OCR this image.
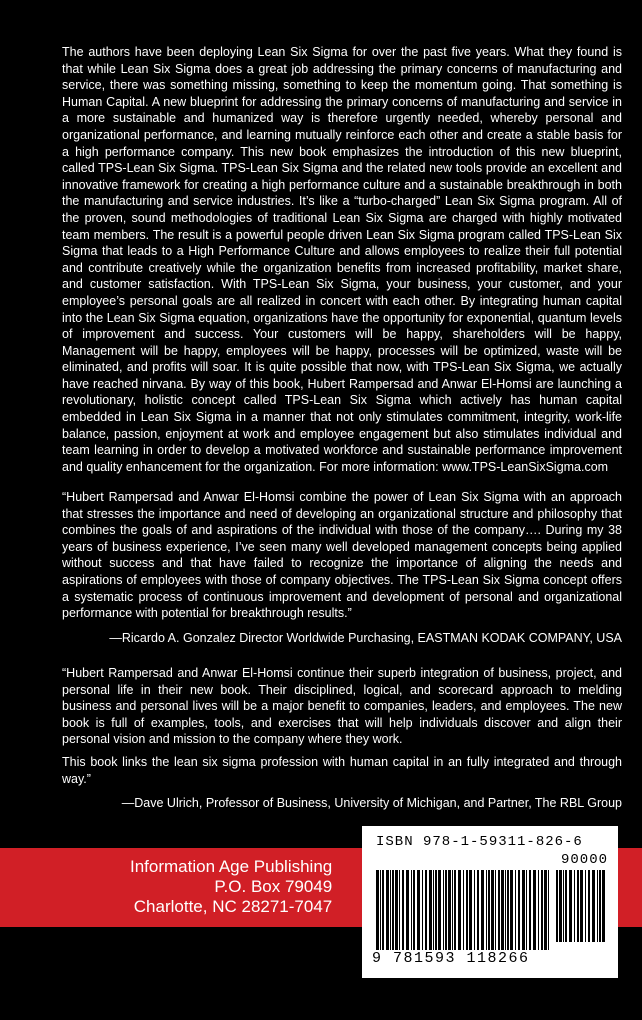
The authors have been deploying Lean Six Sigma for over the past five years. What they found is that while Lean Six Sigma does a great job addressing the primary concerns of manufacturing and service, there was something missing, something to keep the momentum going. That something is Human Capital. A new blueprint for addressing the primary concerns of manufacturing and service in a more sustainable and humanized way is therefore urgently needed, whereby personal and organizational performance, and learning mutually reinforce each other and create a stable basis for a high performance company. This new book emphasizes the introduction of this new blueprint, called TPS-Lean Six Sigma. TPS-Lean Six Sigma and the related new tools provide an excellent and innovative framework for creating a high performance culture and a sustainable breakthrough in both the manufacturing and service industries. It’s like a “turbo-charged” Lean Six Sigma program. All of the proven, sound methodologies of traditional Lean Six Sigma are charged with highly motivated team members. The result is a powerful people driven Lean Six Sigma program called TPS-Lean Six Sigma that leads to a High Performance Culture and allows employees to realize their full potential and contribute creatively while the organization benefits from increased profitability, market share, and customer satisfaction. With TPS-Lean Six Sigma, your business, your customer, and your employee’s personal goals are all realized in concert with each other. By integrating human capital into the Lean Six Sigma equation, organizations have the opportunity for exponential, quantum levels of improvement and success. Your customers will be happy, shareholders will be happy, Management will be happy, employees will be happy, processes will be optimized, waste will be eliminated, and profits will soar. It is quite possible that now, with TPS-Lean Six Sigma, we actually have reached nirvana. By way of this book, Hubert Rampersad and Anwar El-Homsi are launching a revolutionary, holistic concept called TPS-Lean Six Sigma which actively has human capital embedded in Lean Six Sigma in a manner that not only stimulates commitment, integrity, work-life balance, passion, enjoyment at work and employee engagement but also stimulates individual and team learning in order to develop a motivated workforce and sustainable performance improvement and quality enhancement for the organization. For more information: www.TPS-LeanSixSigma.com

“Hubert Rampersad and Anwar El-Homsi combine the power of Lean Six Sigma with an approach that stresses the importance and need of developing an organizational structure and philosophy that combines the goals of and aspirations of the individual with those of the company…. During my 38 years of business experience, I’ve seen many well developed management concepts being applied without success and that have failed to recognize the importance of aligning the needs and aspirations of employees with those of company objectives. The TPS-Lean Six Sigma concept offers a systematic process of continuous improvement and development of personal and organizational performance with potential for breakthrough results.”

—Ricardo A. Gonzalez Director Worldwide Purchasing, EASTMAN KODAK COMPANY, USA

“Hubert Rampersad and Anwar El-Homsi continue their superb integration of business, project, and personal life in their new book. Their disciplined, logical, and scorecard approach to melding business and personal lives will be a major benefit to companies, leaders, and employees. The new book is full of examples, tools, and exercises that will help individuals discover and align their personal vision and mission to the company where they work.

This book links the lean six sigma profession with human capital in an fully integrated and through way.”

—Dave Ulrich, Professor of Business, University of Michigan, and Partner, The RBL Group

Information Age Publishing
P.O. Box 79049
Charlotte, NC 28271-7047
ISBN 978-1-59311-826-6
90000
9 781593 118266
